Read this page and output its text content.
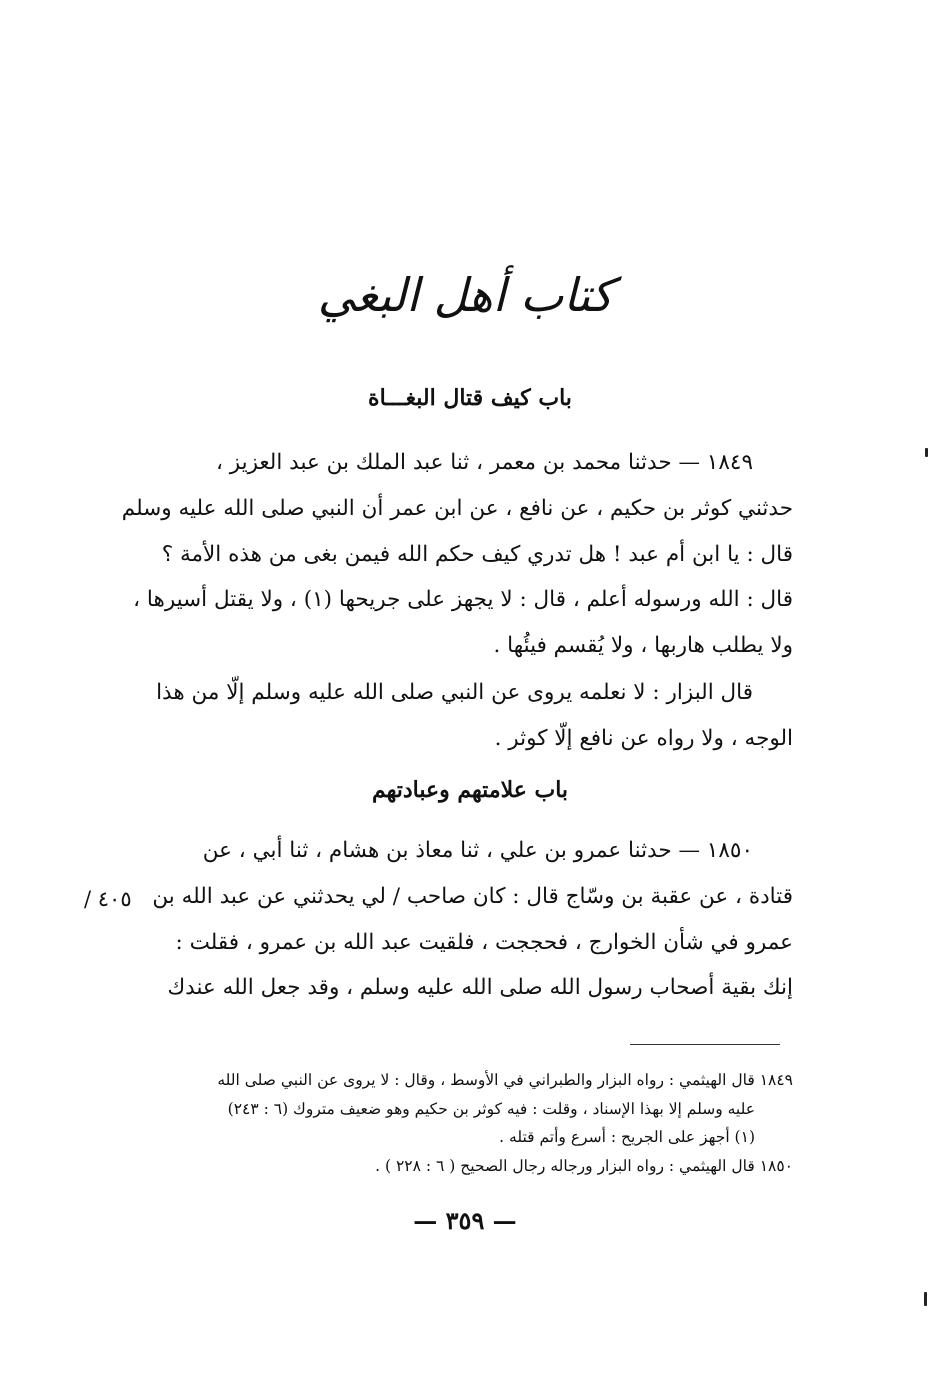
كتاب أهل البغي
باب كيف قتال البغـــاة
١٨٤٩ — حدثنا محمد بن معمر ، ثنا عبد الملك بن عبد العزيز ،
حدثني كوثر بن حكيم ، عن نافع ، عن ابن عمر أن النبي صلى الله عليه وسلم
قال : يا ابن أم عبد ! هل تدري كيف حكم الله فيمن بغى من هذه الأمة ؟
قال : الله ورسوله أعلم ، قال : لا يجهز على جريحها (١) ، ولا يقتل أسيرها ،
ولا يطلب هاربها ، ولا يُقسم فيئُها .
قال البزار : لا نعلمه يروى عن النبي صلى الله عليه وسلم إلّا من هذا
الوجه ، ولا رواه عن نافع إلّا كوثر .
باب علامتهم وعبادتهم
١٨٥٠ — حدثنا عمرو بن علي ، ثنا معاذ بن هشام ، ثنا أبي ، عن
قتادة ، عن عقبة بن وسّاج قال : كان صاحب / لي يحدثني عن عبد الله بن
عمرو في شأن الخوارج ، فحججت ، فلقيت عبد الله بن عمرو ، فقلت :
إنك بقية أصحاب رسول الله صلى الله عليه وسلم ، وقد جعل الله عندك
٤٠٥ /
١٨٤٩ قال الهيثمي : رواه البزار والطبراني في الأوسط ، وقال : لا يروى عن النبي صلى الله
عليه وسلم إلا بهذا الإسناد ، وقلت : فيه كوثر بن حكيم وهو ضعيف متروك (٦ : ٢٤٣)
(١) أجهز على الجريح : أسرع وأتم قتله .
١٨٥٠ قال الهيثمي : رواه البزار ورجاله رجال الصحيح ( ٦ : ٢٢٨ ) .
— ٣٥٩ —
